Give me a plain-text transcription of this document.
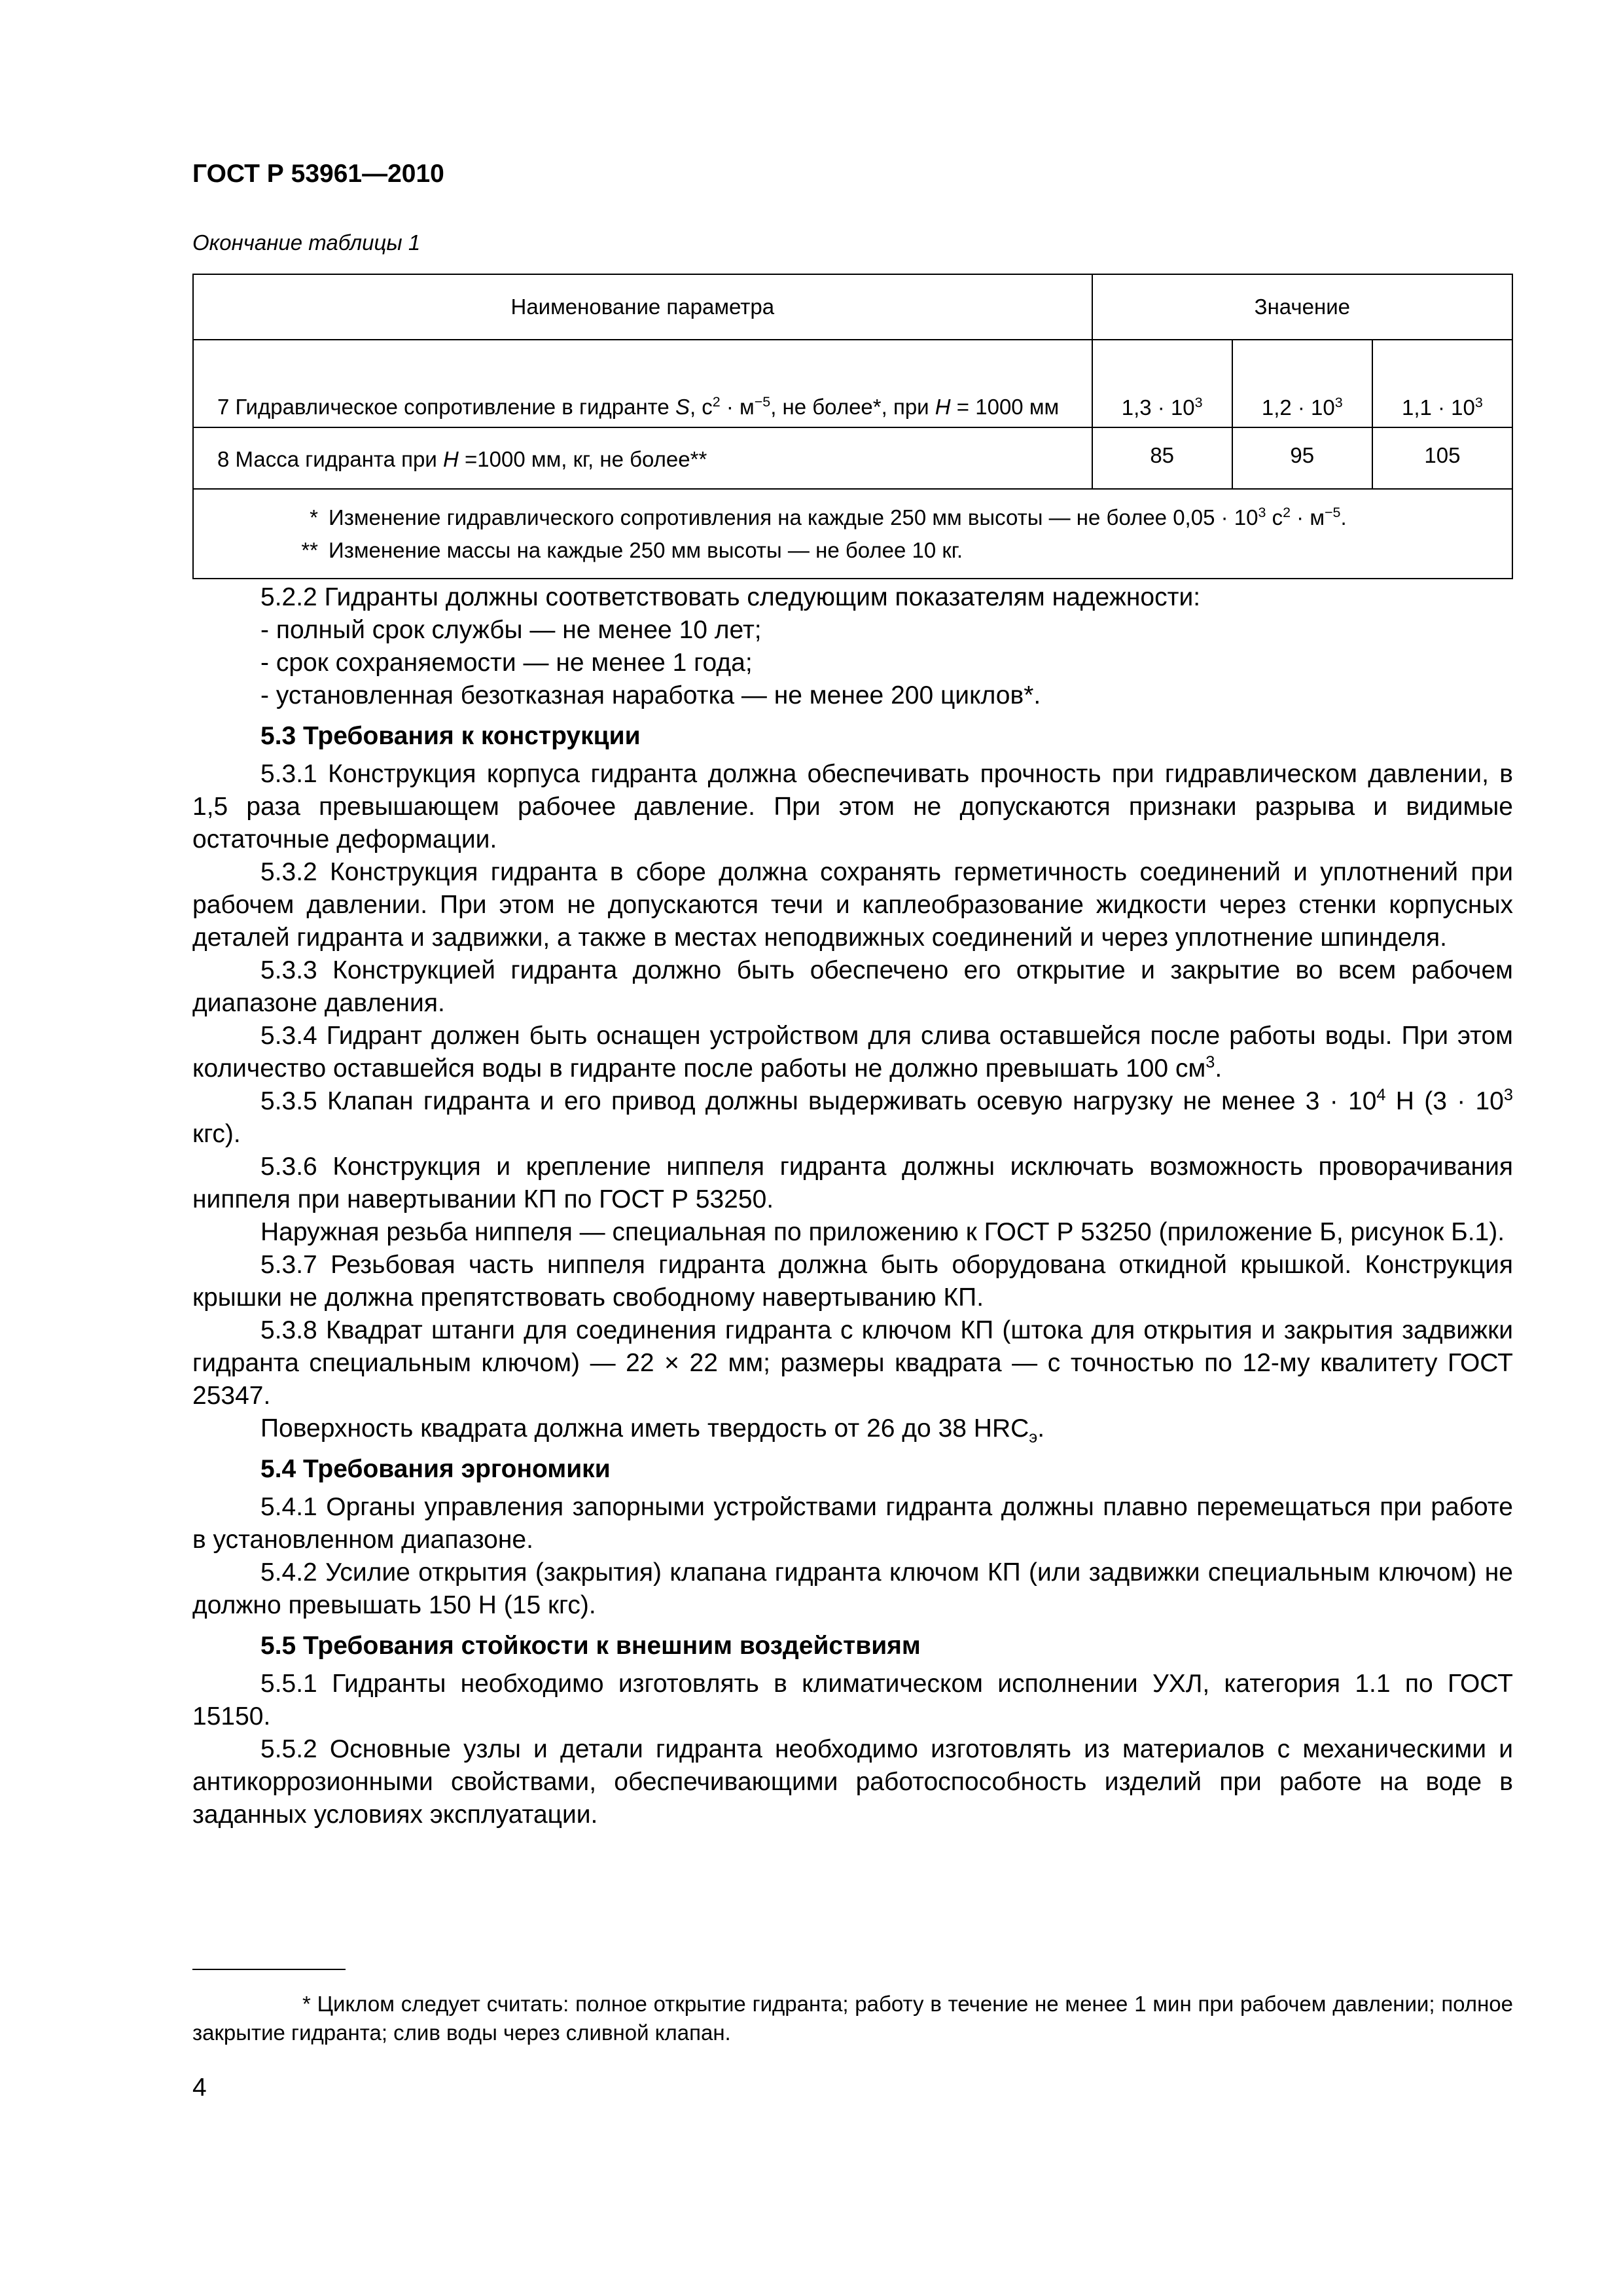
ГОСТ Р 53961—2010
Окончание таблицы 1
Наименование параметра	Значение		
7 Гидравлическое сопротивление в гидранте S, $с^2 \cdot м^{-5}$, не более*, при H = 1000 мм	$1,3 \cdot 10^3$	$1,2 \cdot 10^3$	$1,1 \cdot 10^3$
8 Масса гидранта при H =1000 мм, кг, не более**	85	95	105

* Изменение гидравлического сопротивления на каждые 250 мм высоты — не более $0,05 \cdot 10^3$ $с^2 \cdot м^{-5}$.
** Изменение массы на каждые 250 мм высоты — не более 10 кг.			

5.2.2 Гидранты должны соответствовать следующим показателям надежности:

- полный срок службы — не менее 10 лет;

- срок сохраняемости — не менее 1 года;

- установленная безотказная наработка — не менее 200 циклов*.

5.3 Требования к конструкции

5.3.1 Конструкция корпуса гидранта должна обеспечивать прочность при гидравлическом давлении, в 1,5 раза превышающем рабочее давление. При этом не допускаются признаки разрыва и видимые остаточные деформации.

5.3.2 Конструкция гидранта в сборе должна сохранять герметичность соединений и уплотнений при рабочем давлении. При этом не допускаются течи и каплеобразование жидкости через стенки корпусных деталей гидранта и задвижки, а также в местах неподвижных соединений и через уплотнение шпинделя.

5.3.3 Конструкцией гидранта должно быть обеспечено его открытие и закрытие во всем рабочем диапазоне давления.

5.3.4 Гидрант должен быть оснащен устройством для слива оставшейся после работы воды. При этом количество оставшейся воды в гидранте после работы не должно превышать 100 $см^3$.

5.3.5 Клапан гидранта и его привод должны выдерживать осевую нагрузку не менее $3 \cdot 10^4$ Н ($3 \cdot 10^3$ кгс).

5.3.6 Конструкция и крепление ниппеля гидранта должны исключать возможность проворачивания ниппеля при навертывании КП по ГОСТ Р 53250.

Наружная резьба ниппеля — специальная по приложению к ГОСТ Р 53250 (приложение Б, рисунок Б.1).

5.3.7 Резьбовая часть ниппеля гидранта должна быть оборудована откидной крышкой. Конструкция крышки не должна препятствовать свободному навертыванию КП.

5.3.8 Квадрат штанги для соединения гидранта с ключом КП (штока для открытия и закрытия задвижки гидранта специальным ключом) — 22 × 22 мм; размеры квадрата — с точностью по 12-му квалитету ГОСТ 25347.

Поверхность квадрата должна иметь твердость от 26 до 38 $HRC_э$.

5.4 Требования эргономики

5.4.1 Органы управления запорными устройствами гидранта должны плавно перемещаться при работе в установленном диапазоне.

5.4.2 Усилие открытия (закрытия) клапана гидранта ключом КП (или задвижки специальным ключом) не должно превышать 150 Н (15 кгс).

5.5 Требования стойкости к внешним воздействиям

5.5.1 Гидранты необходимо изготовлять в климатическом исполнении УХЛ, категория 1.1 по ГОСТ 15150.

5.5.2 Основные узлы и детали гидранта необходимо изготовлять из материалов с механическими и антикоррозионными свойствами, обеспечивающими работоспособность изделий при работе на воде в заданных условиях эксплуатации.

* Циклом следует считать: полное открытие гидранта; работу в течение не менее 1 мин при рабочем давлении; полное закрытие гидранта; слив воды через сливной клапан.
4
